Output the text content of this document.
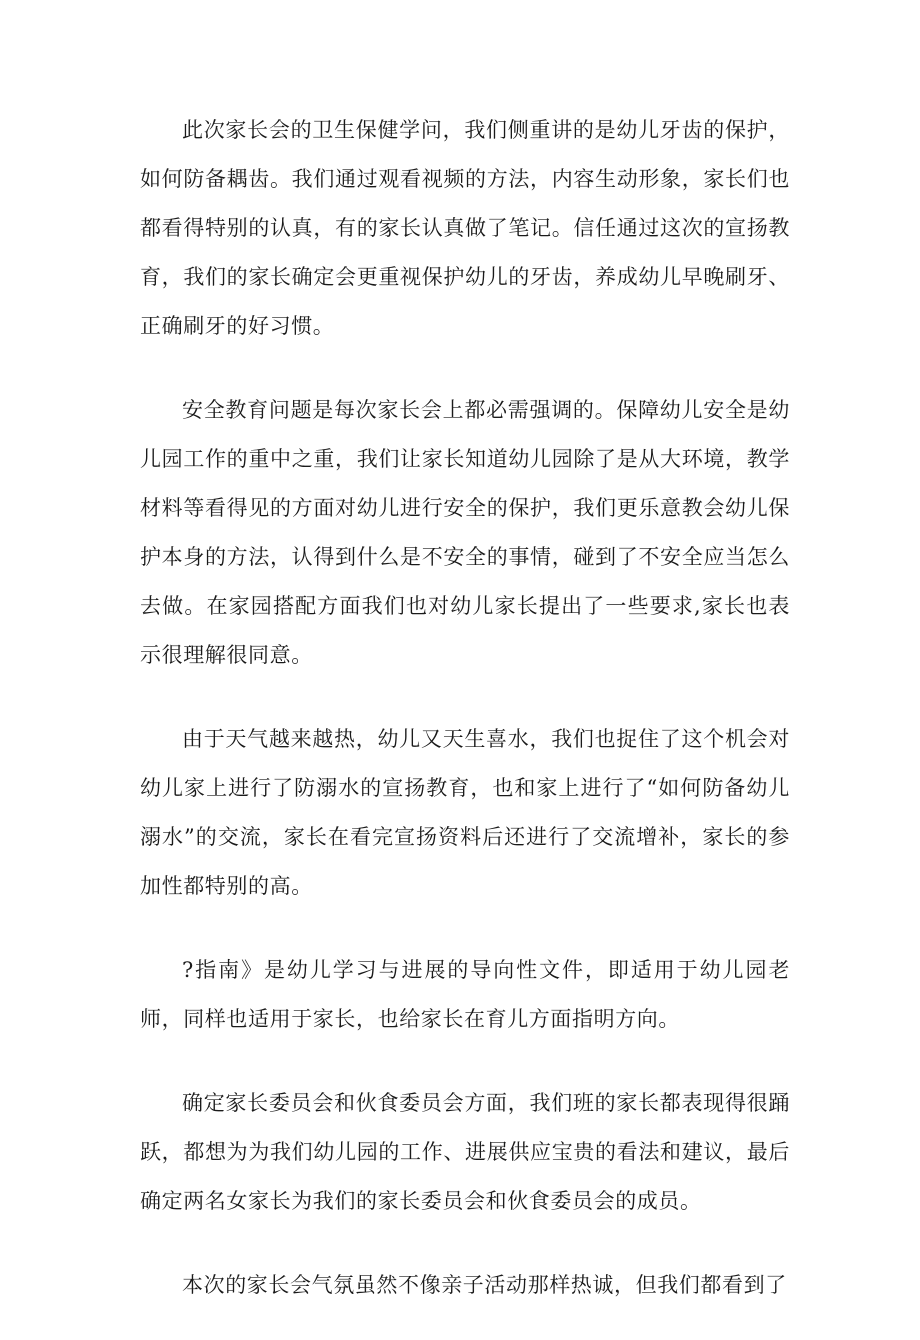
此次家长会的卫生保健学问，我们侧重讲的是幼儿牙齿的保护，如何防备耦齿。我们通过观看视频的方法，内容生动形象，家长们也都看得特别的认真，有的家长认真做了笔记。信任通过这次的宣扬教育，我们的家长确定会更重视保护幼儿的牙齿，养成幼儿早晚刷牙、正确刷牙的好习惯。

安全教育问题是每次家长会上都必需强调的。保障幼儿安全是幼儿园工作的重中之重，我们让家长知道幼儿园除了是从大环境，教学材料等看得见的方面对幼儿进行安全的保护，我们更乐意教会幼儿保护本身的方法，认得到什么是不安全的事情，碰到了不安全应当怎么去做。在家园搭配方面我们也对幼儿家长提出了一些要求,家长也表示很理解很同意。

由于天气越来越热，幼儿又天生喜水，我们也捉住了这个机会对幼儿家上进行了防溺水的宣扬教育，也和家上进行了“如何防备幼儿溺水”的交流，家长在看完宣扬资料后还进行了交流增补，家长的参加性都特别的高。

?指南》是幼儿学习与进展的导向性文件，即适用于幼儿园老师，同样也适用于家长，也给家长在育儿方面指明方向。

确定家长委员会和伙食委员会方面，我们班的家长都表现得很踊跃，都想为为我们幼儿园的工作、进展供应宝贵的看法和建议，最后确定两名女家长为我们的家长委员会和伙食委员会的成员。

本次的家长会气氛虽然不像亲子活动那样热诚，但我们都看到了
